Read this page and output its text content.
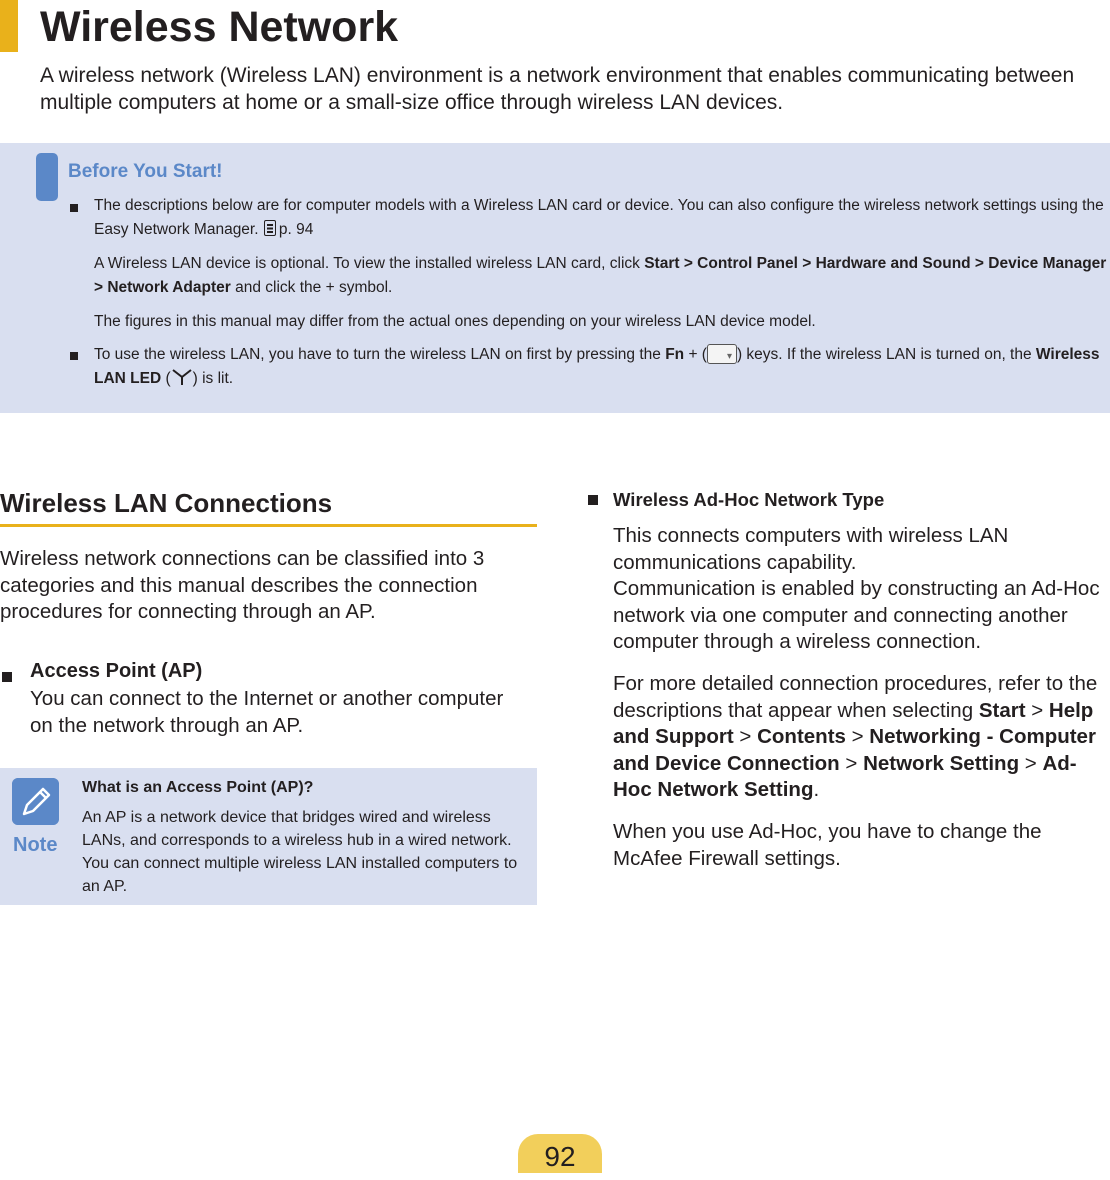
Wireless Network

A wireless network (Wireless LAN) environment is a network environment that enables communicating between multiple computers at home or a small-size office through wireless LAN devices.

Before You Start!

The descriptions below are for computer models with a Wireless LAN card or device. You can also configure the wireless network settings using the Easy Network Manager. p. 94

A Wireless LAN device is optional. To view the installed wireless LAN card, click Start > Control Panel > Hardware and Sound > Device Manager > Network Adapter and click the + symbol.

The figures in this manual may differ from the actual ones depending on your wireless LAN device model.

To use the wireless LAN, you have to turn the wireless LAN on first by pressing the Fn + ( ▾ ) keys. If the wireless LAN is turned on, the Wireless LAN LED ( ) is lit.

Wireless LAN Connections

Wireless network connections can be classified into 3 categories and this manual describes the connection procedures for connecting through an AP.

Access Point (AP)

You can connect to the Internet or another computer on the network through an AP.

Note
What is an Access Point (AP)?

An AP is a network device that bridges wired and wireless LANs, and corresponds to a wireless hub in a wired network. You can connect multiple wireless LAN installed computers to an AP.

Wireless Ad-Hoc Network Type

This connects computers with wireless LAN communications capability.

Communication is enabled by constructing an Ad-Hoc network via one computer and connecting another computer through a wireless connection.

For more detailed connection procedures, refer to the descriptions that appear when selecting Start > Help and Support > Contents > Networking - Computer and Device Connection > Network Setting > Ad-Hoc Network Setting.

When you use Ad-Hoc, you have to change the McAfee Firewall settings.

92
